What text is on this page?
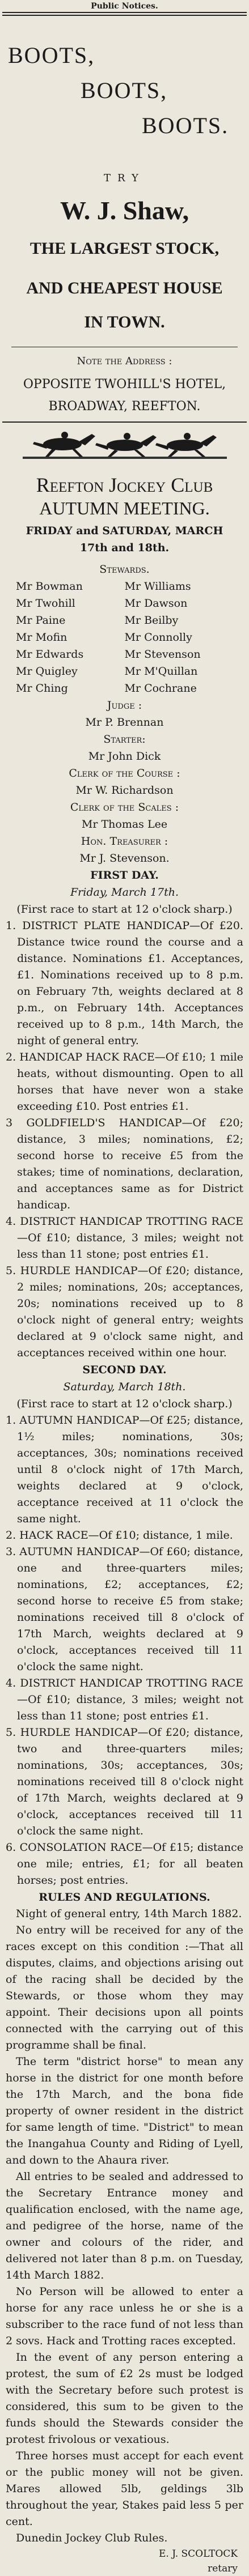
Public Notices.
BOOTS,
BOOTS,
BOOTS.
TRY
W. J. Shaw,
THE LARGEST STOCK,
AND CHEAPEST HOUSE
IN TOWN.
Note the Address :
OPPOSITE TWOHILL'S HOTEL,
BROADWAY, REEFTON.
Reefton Jockey Club
AUTUMN MEETING.
FRIDAY and SATURDAY, MARCH 17th and 18th.
Stewards.
Mr Bowman
Mr Twohill
Mr Paine
Mr Mofin
Mr Edwards
Mr Quigley
Mr Ching
Mr Williams
Mr Dawson
Mr Beilby
Mr Connolly
Mr Stevenson
Mr M'Quillan
Mr Cochrane
Judge :
Mr P. Brennan
Starter:
Mr John Dick
Clerk of the Course :
Mr W. Richardson
Clerk of the Scales :
Mr Thomas Lee
Hon. Treasurer :
Mr J. Stevenson.
FIRST DAY.
Friday, March 17th.
(First race to start at 12 o'clock sharp.)

1. DISTRICT PLATE HANDICAP—Of £20. Distance twice round the course and a distance. Nominations £1. Acceptances, £1. Nominations received up to 8 p.m. on February 7th, weights declared at 8 p.m., on February 14th. Acceptances received up to 8 p.m., 14th March, the night of general entry.

2. HANDICAP HACK RACE—Of £10; 1 mile heats, without dismounting. Open to all horses that have never won a stake exceeding £10. Post entries £1.

3 GOLDFIELD'S HANDICAP—Of £20; distance, 3 miles; nominations, £2; second horse to receive £5 from the stakes; time of nominations, declaration, and acceptances same as for District handicap.

4. DISTRICT HANDICAP TROTTING RACE—Of £10; distance, 3 miles; weight not less than 11 stone; post entries £1.

5. HURDLE HANDICAP—Of £20; distance, 2 miles; nominations, 20s; acceptances, 20s; nominations received up to 8 o'clock night of general entry; weights declared at 9 o'clock same night, and acceptances received within one hour.

SECOND DAY.
Saturday, March 18th.
(First race to start at 12 o'clock sharp.)

1. AUTUMN HANDICAP—Of £25; distance, 1½ miles; nominations, 30s; acceptances, 30s; nominations received until 8 o'clock night of 17th March, weights declared at 9 o'clock, acceptance received at 11 o'clock the same night.

2. HACK RACE—Of £10; distance, 1 mile.

3. AUTUMN HANDICAP—Of £60; distance, one and three-quarters miles; nominations, £2; acceptances, £2; second horse to receive £5 from stake; nominations received till 8 o'clock of 17th March, weights declared at 9 o'clock, acceptances received till 11 o'clock the same night.

4. DISTRICT HANDICAP TROTTING RACE—Of £10; distance, 3 miles; weight not less than 11 stone; post entries £1.

5. HURDLE HANDICAP—Of £20; distance, two and three-quarters miles; nominations, 30s; acceptances, 30s; nominations received till 8 o'clock night of 17th March, weights declared at 9 o'clock, acceptances received till 11 o'clock the same night.

6. CONSOLATION RACE—Of £15; distance one mile; entries, £1; for all beaten horses; post entries.

RULES AND REGULATIONS.

Night of general entry, 14th March 1882.

No entry will be received for any of the races except on this condition :—That all disputes, claims, and objections arising out of the racing shall be decided by the Stewards, or those whom they may appoint. Their decisions upon all points connected with the carrying out of this programme shall be final.

The term "district horse" to mean any horse in the district for one month before the 17th March, and the bona fide property of owner resident in the district for same length of time. "District" to mean the Inangahua County and Riding of Lyell, and down to the Ahaura river.

All entries to be sealed and addressed to the Secretary Entrance money and qualification enclosed, with the name age, and pedigree of the horse, name of the owner and colours of the rider, and delivered not later than 8 p.m. on Tuesday, 14th March 1882.

No Person will be allowed to enter a horse for any race unless he or she is a subscriber to the race fund of not less than 2 sovs. Hack and Trotting races excepted.

In the event of any person entering a protest, the sum of £2 2s must be lodged with the Secretary before such protest is considered, this sum to be given to the funds should the Stewards consider the protest frivolous or vexatious.

Three horses must accept for each event or the public money will not be given. Mares allowed 5lb, geldings 3lb throughout the year, Stakes paid less 5 per cent.

Dunedin Jockey Club Rules.

E. J. SCOLTOCK
retary
